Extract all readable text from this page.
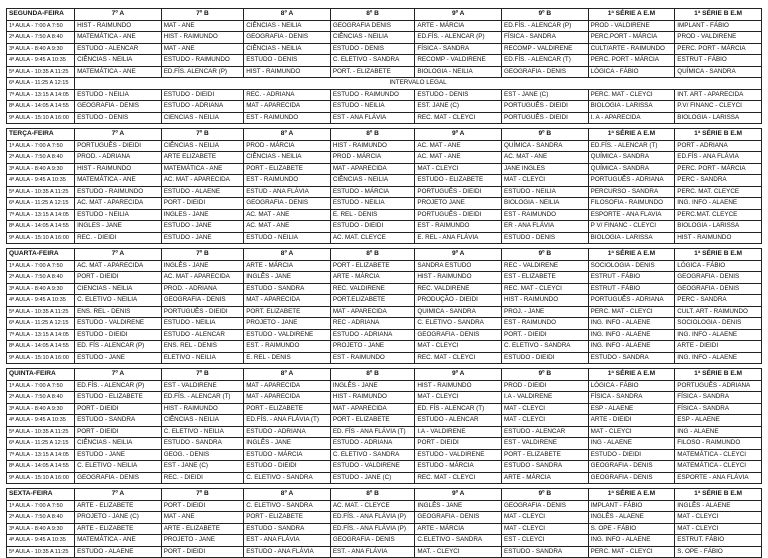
SEGUNDA-FEIRA	7º A	7º B	8º A	8º B	9º A	9º B	1ª SÉRIE A E.M	1ª SÉRIE B E.M
1ª AULA - 7:00 A 7:50	HIST - RAIMUNDO	MAT - ANE	CIÊNCIAS - NEILIA	GEOGRAFIA DENIS	ARTE - MÁRCIA	ED.FÍS. - ALENCAR (P)	PROD - VALDIRENE	IMPLANT - FÁBIO
2ª AULA - 7:50 A 8:40	MATEMÁTICA - ANE	HIST - RAIMUNDO	GEOGRAFIA - DENIS	CIÊNCIAS - NEILIA	ED.FÍS. - ALENCAR (P)	FÍSICA - SANDRA	PERC.PORT - MÁRCIA	PROD - VALDIRENE
3ª AULA - 8:40 A 9:30	ESTUDO - ALENCAR	MAT - ANE	CIÊNCIAS - NEILIA	ESTUDO - DENIS	FÍSICA - SANDRA	RECOMP - VALDIRENE	CULT/ARTE - RAIMUNDO	PERC. PORT - MÁRCIA
4ª AULA - 9:45 A 10:35	CIÊNCIAS - NEILIA	ESTUDO - RAIMUNDO	ESTUDO - DENIS	C. ELETIVO - SANDRA	RECOMP - VALDIRENE	ED.FÍS. - ALENCAR (T)	PERC. PORT - MÁRCIA	ESTRUT - FÁBIO
5ª AULA - 10:35 A 11:25	MATEMÁTICA - ANE	ED.FÍS. ALENCAR (P)	HIST - RAIMUNDO	PORT. - ELIZABETE	BIOLOGIA - NEILIA	GEOGRAFIA - DENIS	LÓGICA - FÁBIO	QUÍMICA - SANDRA
6ª AULA - 11:25 A 12:15	INTERVALO LEGAL							
7ª AULA - 13:15 A 14:05	ESTUDO - NEILIA	ESTUDO - DIEIDI	REC. - ADRIANA	ESTUDO - RAIMUNDO	ESTUDO - DENIS	EST - JANE (C)	PERC. MAT - CLEYCI	INT. ART - APARECIDA
8ª AULA - 14:05 A 14:55	GEOGRAFIA - DENIS	ESTUDO - ADRIANA	MAT - APARECIDA	ESTUDO - NEILIA	EST. JANE (C)	PORTUGUÊS - DIEIDI	BIOLOGIA - LARISSA	P.V/ FINANC - CLEYCI
9ª AULA - 15:10 A 16:00	ESTUDO - DENIS	CIENCIAS - NEILIA	EST - RAIMUNDO	EST - ANA FLÁVIA	REC. MAT - CLEYCI	PORTUGUÊS - DIEIDI	I. A - APARECIDA	BIOLOGIA - LARISSA
TERÇA-FEIRA	7º A	7º B	8º A	8º B	9º A	9º B	1ª SÉRIE A E.M	1ª SÉRIE B E.M
1ª AULA - 7:00 A 7:50	PORTUGUÊS - DIEIDI	CIÊNCIAS - NEILIA	PROD - MÁRCIA	HIST - RAIMUNDO	AC. MAT - ANE	QUÍMICA - SANDRA	ED.FÍS. - ALENCAR (T)	PORT - ADRIANA
2ª AULA - 7:50 A 8:40	PROD. - ADRIANA	ARTE ELIZABETE	CIÊNCIAS - NEILIA	PROD - MÁRCIA	AC. MAT - ANE	AC. MAT - ANE	QUÍMICA - SANDRA	ED.FÍS - ANA FLÁVIA
3ª AULA - 8:40 A 9:30	HIST - RAIMUNDO	MATEMÁTICA - ANE	PORT - ELIZABETE	MAT - APARECIDA	MAT - CLEYCI	JANE INGLES	QUÍMICA - SANDRA	PERC. PORT - MÁRCIA
4ª AULA - 9:45 A 10:35	MATEMÁTICA - ANE	AC. MAT - APARECIDA	EST - RAIMUNDO	CIÊNCIAS - NEILIA	ESTUDO - ELIZABETE	MAT - CLEYCI	PORTUGUÊS - ADRIANA	PERC - SANDRA
5ª AULA - 10:35 A 11:25	ESTUDO - RAIMUNDO	ESTUDO - ALAENE	ESTUD - ANA FLÁVIA	ESTUDO - MÁRCIA	PORTUGUÊS - DIEIDI	ESTUDO - NEILIA	PERCURSO - SANDRA	PERC. MAT. CLEYCE
6ª AULA - 11:25 A 12:15	AC. MAT - APARECIDA	PORT - DIEIDI	GEOGRAFIA - DENIS	ESTUDO - NEILIA	PROJETO JANE	BIOLOGIA - NEILIA	FILOSOFIA - RAIMUNDO	ING. INFO - ALAENE
7ª AULA - 13:15 A 14:05	ESTUDO - NEILIA	INGLES - JANE	AC. MAT - ANE	E. REL - DENIS	PORTUGUÊS - DIEIDI	EST - RAIMUNDO	ESPORTE - ANA FLAVIA	PERC.MAT. CLEYCE
8ª AULA - 14:05 A 14:55	INGLES - JANE	ESTUDO - JANE	AC. MAT - ANE	ESTUDO - DIEIDI	EST - RAIMUNDO	ER - ANA FLÁVIA	P V/ FINANC - CLEYCI	BIOLOGIA - LARISSA
9ª AULA - 15:10 A 16:00	REC. - DIEIDI	ESTUDO - JANE	ESTUDO - NEILIA	AC. MAT. CLEYCE	E. REL - ANA FLÁVIA	ESTUDO - DENIS	BIOLOGIA - LARISSA	HIST - RAIMUNDO
QUARTA-FEIRA	7º A	7º B	8º A	8º B	9º A	9º B	1ª SÉRIE A E.M	1ª SÉRIE B E.M
1ª AULA - 7:00 A 7:50	AC. MAT - APARECIDA	INGLÊS - JANE	ARTE - MÁRCIA	PORT - ELIZABETE	SANDRA ESTUDO	REC - VALDIRENE	SOCIOLOGIA - DENIS	LÓGICA - FÁBIO
2ª AULA - 7:50 A 8:40	PORT - DIEIDI	AC. MAT - APARECIDA	INGLÊS - JANE	ARTE - MÁRCIA	HIST - RAIMUNDO	EST - ELIZABETE	ESTRUT - FÁBIO	GEOGRAFIA - DENIS
3ª AULA - 8:40 A 9:30	CIENCIAS - NEILIA	PROD. - ADRIANA	ESTUDO - SANDRA	REC. VALDIRENE	REC. VALDIRENE	REC. MAT - CLEYCI	ESTRUT - FÁBIO	GEOGRAFIA - DENIS
4ª AULA - 9:45 A 10:35	C. ELETIVO - NEILIA	GEOGRAFIA - DENIS	MAT - APARECIDA	PORT.ELIZABETE	PRODUÇÃO - DIEIDI	HIST - RAIMUNDO	PORTUGUÊS - ADRIANA	PERC - SANDRA
5ª AULA - 10:35 A 11:25	ENS. REL - DENIS	PORTUGUÊS - DIEIDI	PORT. ELIZABETE	MAT - APARECIDA	QUIMICA - SANDRA	PROJ. - JANE	PERC. MAT - CLEYCI	CULT. ART - RAIMUNDO
6ª AULA - 11:25 A 12:15	ESTUDO - VALDIRENE	ESTUDO - NEILIA	PROJETO - JANE	REC - ADRIANA	C. ELETIVO - SANDRA	EST - RAIMUNDO	ING. INFO - ALAENE	SOCIOLOGIA - DENIS
7ª AULA - 13:15 A 14:05	ESTUDO - DIEIDI	ESTUDO - ALENCAR	ESTUDO - VALDIRENE	ESTUDO - ADRIANA	GEOGRAFIA - DENIS	PORT. - DIEIDI	ING. INFO - ALAENE	ING. INFO - ALAENE
8ª AULA - 14:05 A 14:55	ED. FÍS - ALENCAR (P)	ENS. REL - DENIS	EST. - RAIMUNDO	PROJETO - JANE	MAT - CLEYCI	C. ELETIVO - SANDRA	ING. INFO - ALAENE	ARTE - DIEIDI
9ª AULA - 15:10 A 16:00	ESTUDO - JANE	ELETIVO - NEILIA	E. REL - DENIS	EST - RAIMUNDO	REC. MAT - CLEYCI	ESTUDO - DIEIDI	ESTUDO - SANDRA	ING. INFO - ALAENE
QUINTA-FEIRA	7º A	7º B	8º A	8º B	9º A	9º B	1ª SÉRIE A E.M	1ª SÉRIE B E.M
1ª AULA - 7:00 A 7:50	ED.FÍS. - ALENCAR (P)	EST - VALDIRENE	MAT - APARECIDA	INGLÊS - JANE	HIST - RAIMUNDO	PROD - DIEIDI	LÓGICA - FÁBIO	PORTUGUÊS - ADRIANA
2ª AULA - 7:50 A 8:40	ESTUDO - ELIZABETE	ED.FÍS. - ALENCAR (T)	MAT - APARECIDA	HIST - RAIMUNDO	MAT - CLEYCI	I.A - VALDIRENE	FÍSICA - SANDRA	FÍSICA - SANDRA
3ª AULA - 8:40 A 9:30	PORT - DIEIDI	HIST - RAIMUNDO	PORT - ELIZABETE	MAT - APARECIDA	ED. FÍS - ALENCAR (T)	MAT - CLEYCI	ESP - ALAENE	FÍSICA - SANDRA
4ª AULA - 9:45 A 10:35	ESTUDO - SANDRA	CIÊNCIAS - NEILIA	ED.FÍS. - ANA FLÁVIA (T)	PORT - ELIZABETE	ESTUDO - ALENCAR	MAT - CLEYCI	ARTE - DIEIDI	ESP - ALAENE
5ª AULA - 10:35 A 11:25	PORT - DIEIDI	C. ELETIVO - NEILIA	ESTUDO - ADRIANA	ED. FÍS - ANA FLÁVIA (T)	I.A - VALDIRENE	ESTUDO - ALENCAR	MAT - CLEYCI	ING - ALAENE
6ª AULA - 11:25 A 12:15	CIÊNCIAS - NEILIA	ESTUDO - SANDRA	INGLÊS - JANE	ESTUDO - ADRIANA	PORT - DIEIDI	EST - VALDIRENE	ING - ALAENE	FILOSO - RAIMUNDO
7ª AULA - 13:15 A 14:05	ESTUDO - JANE	GEOG. - DENIS	ESTUDO - MÁRCIA	C. ELETIVO - SANDRA	ESTUDO - VALDIRENE	PORT - ELIZABETE	ESTUDO - DIEIDI	MATEMÁTICA - CLEYCI
8ª AULA - 14:05 A 14:55	C. ELETIVO - NEILIA	EST - JANE (C)	ESTUDO - DIEIDI	ESTUDO - VALDIRENE	ESTUDO - MÁRCIA	ESTUDO - SANDRA	GEOGRAFIA - DENIS	MATEMÁTICA - CLEYCI
9ª AULA - 15:10 A 16:00	GEOGRAFIA - DENIS	REC. - DIEIDI	C. ELETIVO - SANDRA	ESTUDO - JANE (C)	REC. MAT - CLEYCI	ARTE - MÁRCIA	GEOGRAFIA - DENIS	ESPORTE - ANA FLÁVIA
SEXTA-FEIRA	7º A	7º B	8º A	8º B	9º A	9º B	1ª SÉRIE A E.M	1ª SÉRIE B E.M
1ª AULA - 7:00 A 7:50	ARTE - ELIZABETE	PORT - DIEIDI	C. ELETIVO - SANDRA	AC. MAT. - CLEYCE	INGLÊS - JANE	GEOGRAFIA - DENIS	IMPLANT - FÁBIO	INGLÊS - ALAENE
2ª AULA - 7:50 A 8:40	PROJETO - JANE (C)	MAT - ANE	PORT - ELIZABETE	ED.FÍS. - ANA FLÁVIA (P)	GEOGRAFIA - DENIS	MAT - CLEYCI	INGLÊS - ALAENE	MAT - CLEYCI
3ª AULA - 8:40 A 9:30	ARTE - ELIZABETE	ARTE - ELIZABETE	ESTUDO - SANDRA	ED.FÍS. - ANA FLÁVIA (P)	ARTE - MÁRCIA	MAT - CLEYCI	S. OPE - FÁBIO	MAT - CLEYCI
4ª AULA - 9:45 A 10:35	MATEMÁTICA - ANE	PROJETO - JANE	EST - ANA FLÁVIA	GEOGRAFIA - DENIS	C.ELETIVO - SANDRA	EST - CLEYCI	ING. INFO - ALAENE	ESTRUT. FÁBIO
5ª AULA - 10:35 A 11:25	ESTUDO - ALAENE	PORT - DIEIDI	ESTUDO - ANA FLÁVIA	EST. - ANA FLÁVIA	MAT. - CLEYCI	ESTUDO - SANDRA	PERC. MAT - CLEYCI	S. OPE - FÁBIO
